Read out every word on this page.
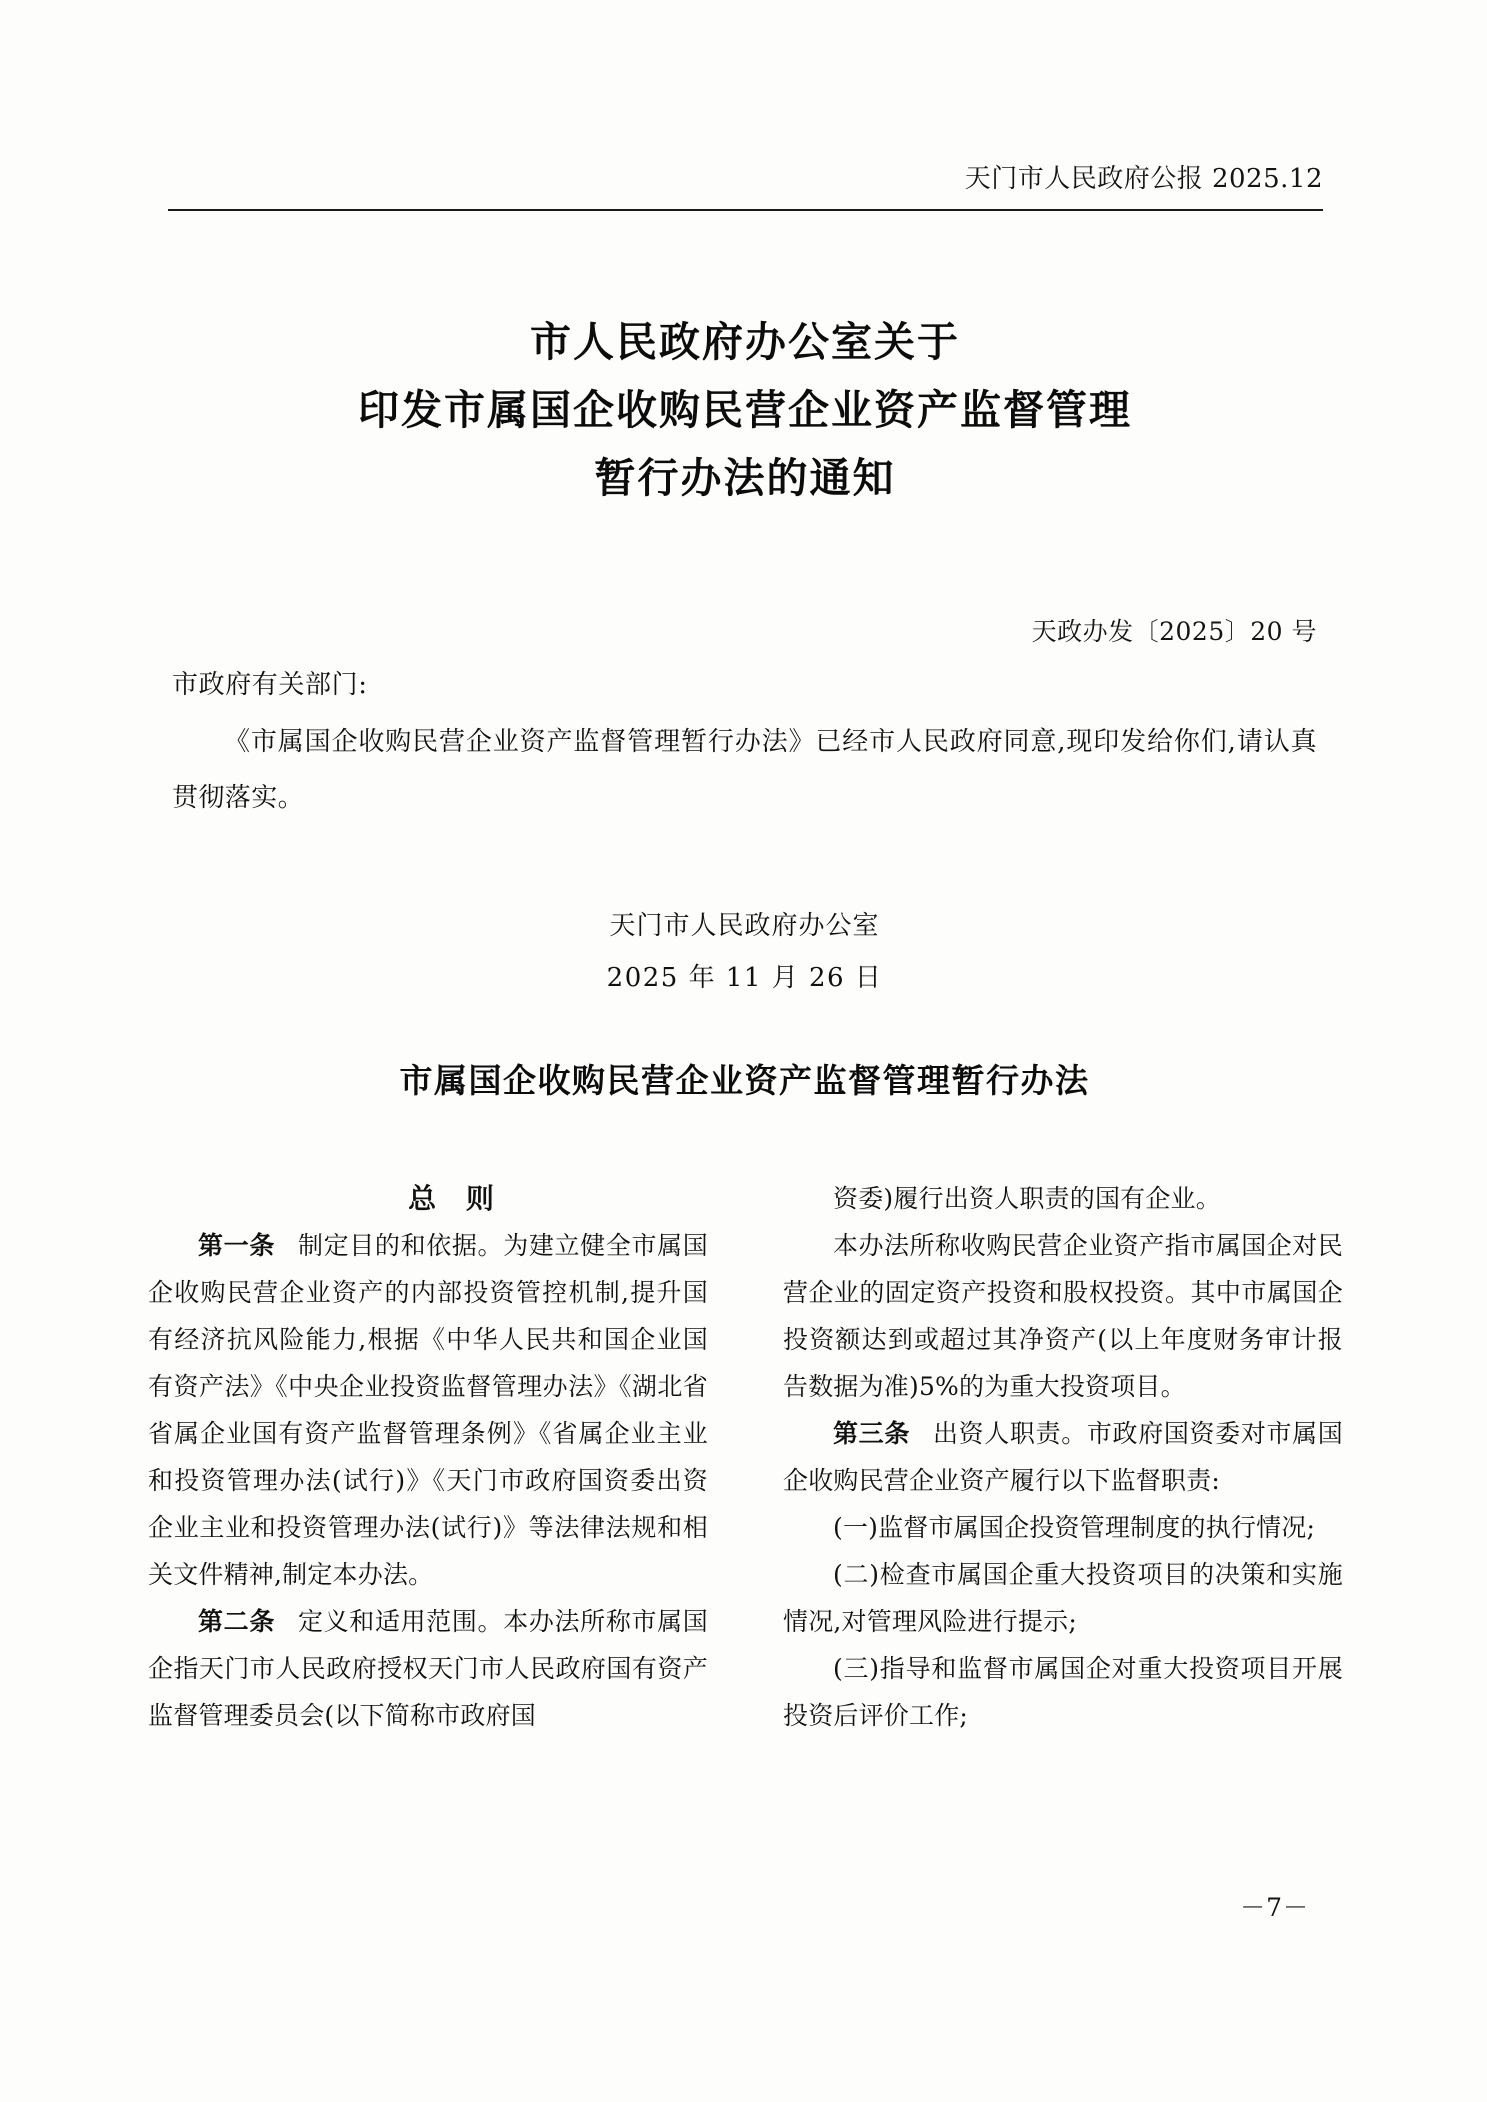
天门市人民政府公报 2025.12
市人民政府办公室关于
印发市属国企收购民营企业资产监督管理
暂行办法的通知
天政办发〔2025〕20 号
市政府有关部门:

《市属国企收购民营企业资产监督管理暂行办法》已经市人民政府同意,现印发给你们,请认真贯彻落实。

天门市人民政府办公室
2025 年 11 月 26 日
市属国企收购民营企业资产监督管理暂行办法

总 则

第一条　 制定目的和依据。为建立健全市属国企收购民营企业资产的内部投资管控机制,提升国有经济抗风险能力,根据《中华人民共和国企业国有资产法》《中央企业投资监督管理办法》《湖北省省属企业国有资产监督管理条例》《省属企业主业和投资管理办法(试行)》《天门市政府国资委出资企业主业和投资管理办法(试行)》等法律法规和相关文件精神,制定本办法。

第二条　 定义和适用范围。本办法所称市属国企指天门市人民政府授权天门市人民政府国有资产监督管理委员会(以下简称市政府国

资委)履行出资人职责的国有企业。

本办法所称收购民营企业资产指市属国企对民营企业的固定资产投资和股权投资。其中市属国企投资额达到或超过其净资产(以上年度财务审计报告数据为准)5%的为重大投资项目。

第三条　 出资人职责。市政府国资委对市属国企收购民营企业资产履行以下监督职责:

(一)监督市属国企投资管理制度的执行情况;

(二)检查市属国企重大投资项目的决策和实施情况,对管理风险进行提示;

(三)指导和监督市属国企对重大投资项目开展投资后评价工作;

－7－
